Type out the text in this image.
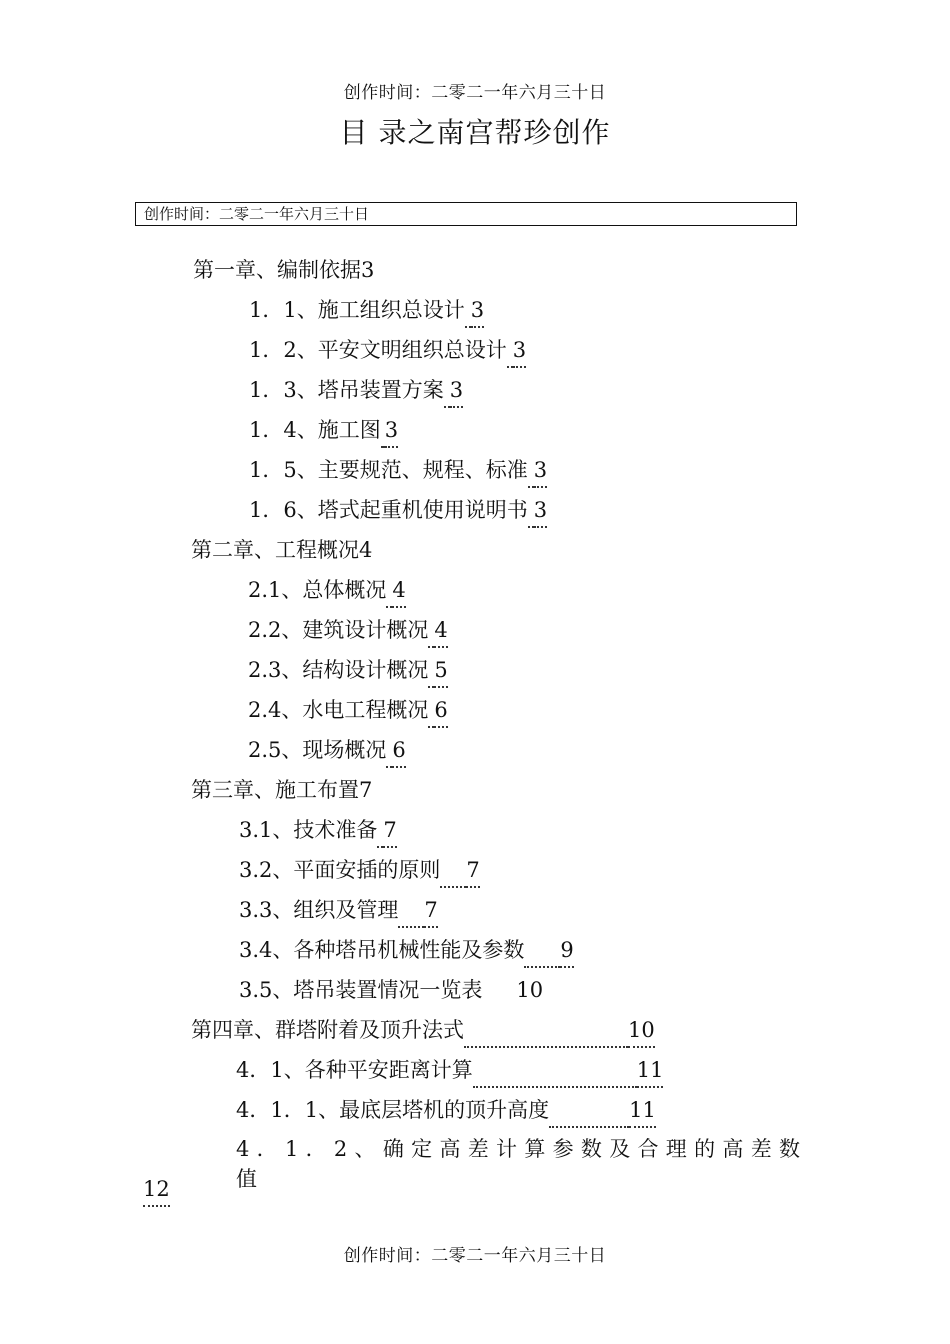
创作时间：二零二一年六月三十日
目 录之南宫帮珍创作
创作时间：二零二一年六月三十日
第一章、编制依据3
1．1、施工组织总设计 3
1．2、平安文明组织总设计 3
1．3、塔吊装置方案 3
1．4、施工图 3
1．5、主要规范、规程、标准 3
1．6、塔式起重机使用说明书 3
第二章、工程概况4
2.1、总体概况 4
2.2、建筑设计概况 4
2.3、结构设计概况 5
2.4、水电工程概况 6
2.5、现场概况 6
第三章、施工布置7
3.1、技术准备 7
3.2、平面安插的原则 7
3.3、组织及管理 7
3.4、各种塔吊机械性能及参数 9
3.5、塔吊装置情况一览表 10
第四章、群塔附着及顶升法式	10
4．1、各种平安距离计算	11
4．1．1、最底层塔机的顶升高度	11
4．1．2、确定高差计算参数及合理的高差数值
12
创作时间：二零二一年六月三十日
